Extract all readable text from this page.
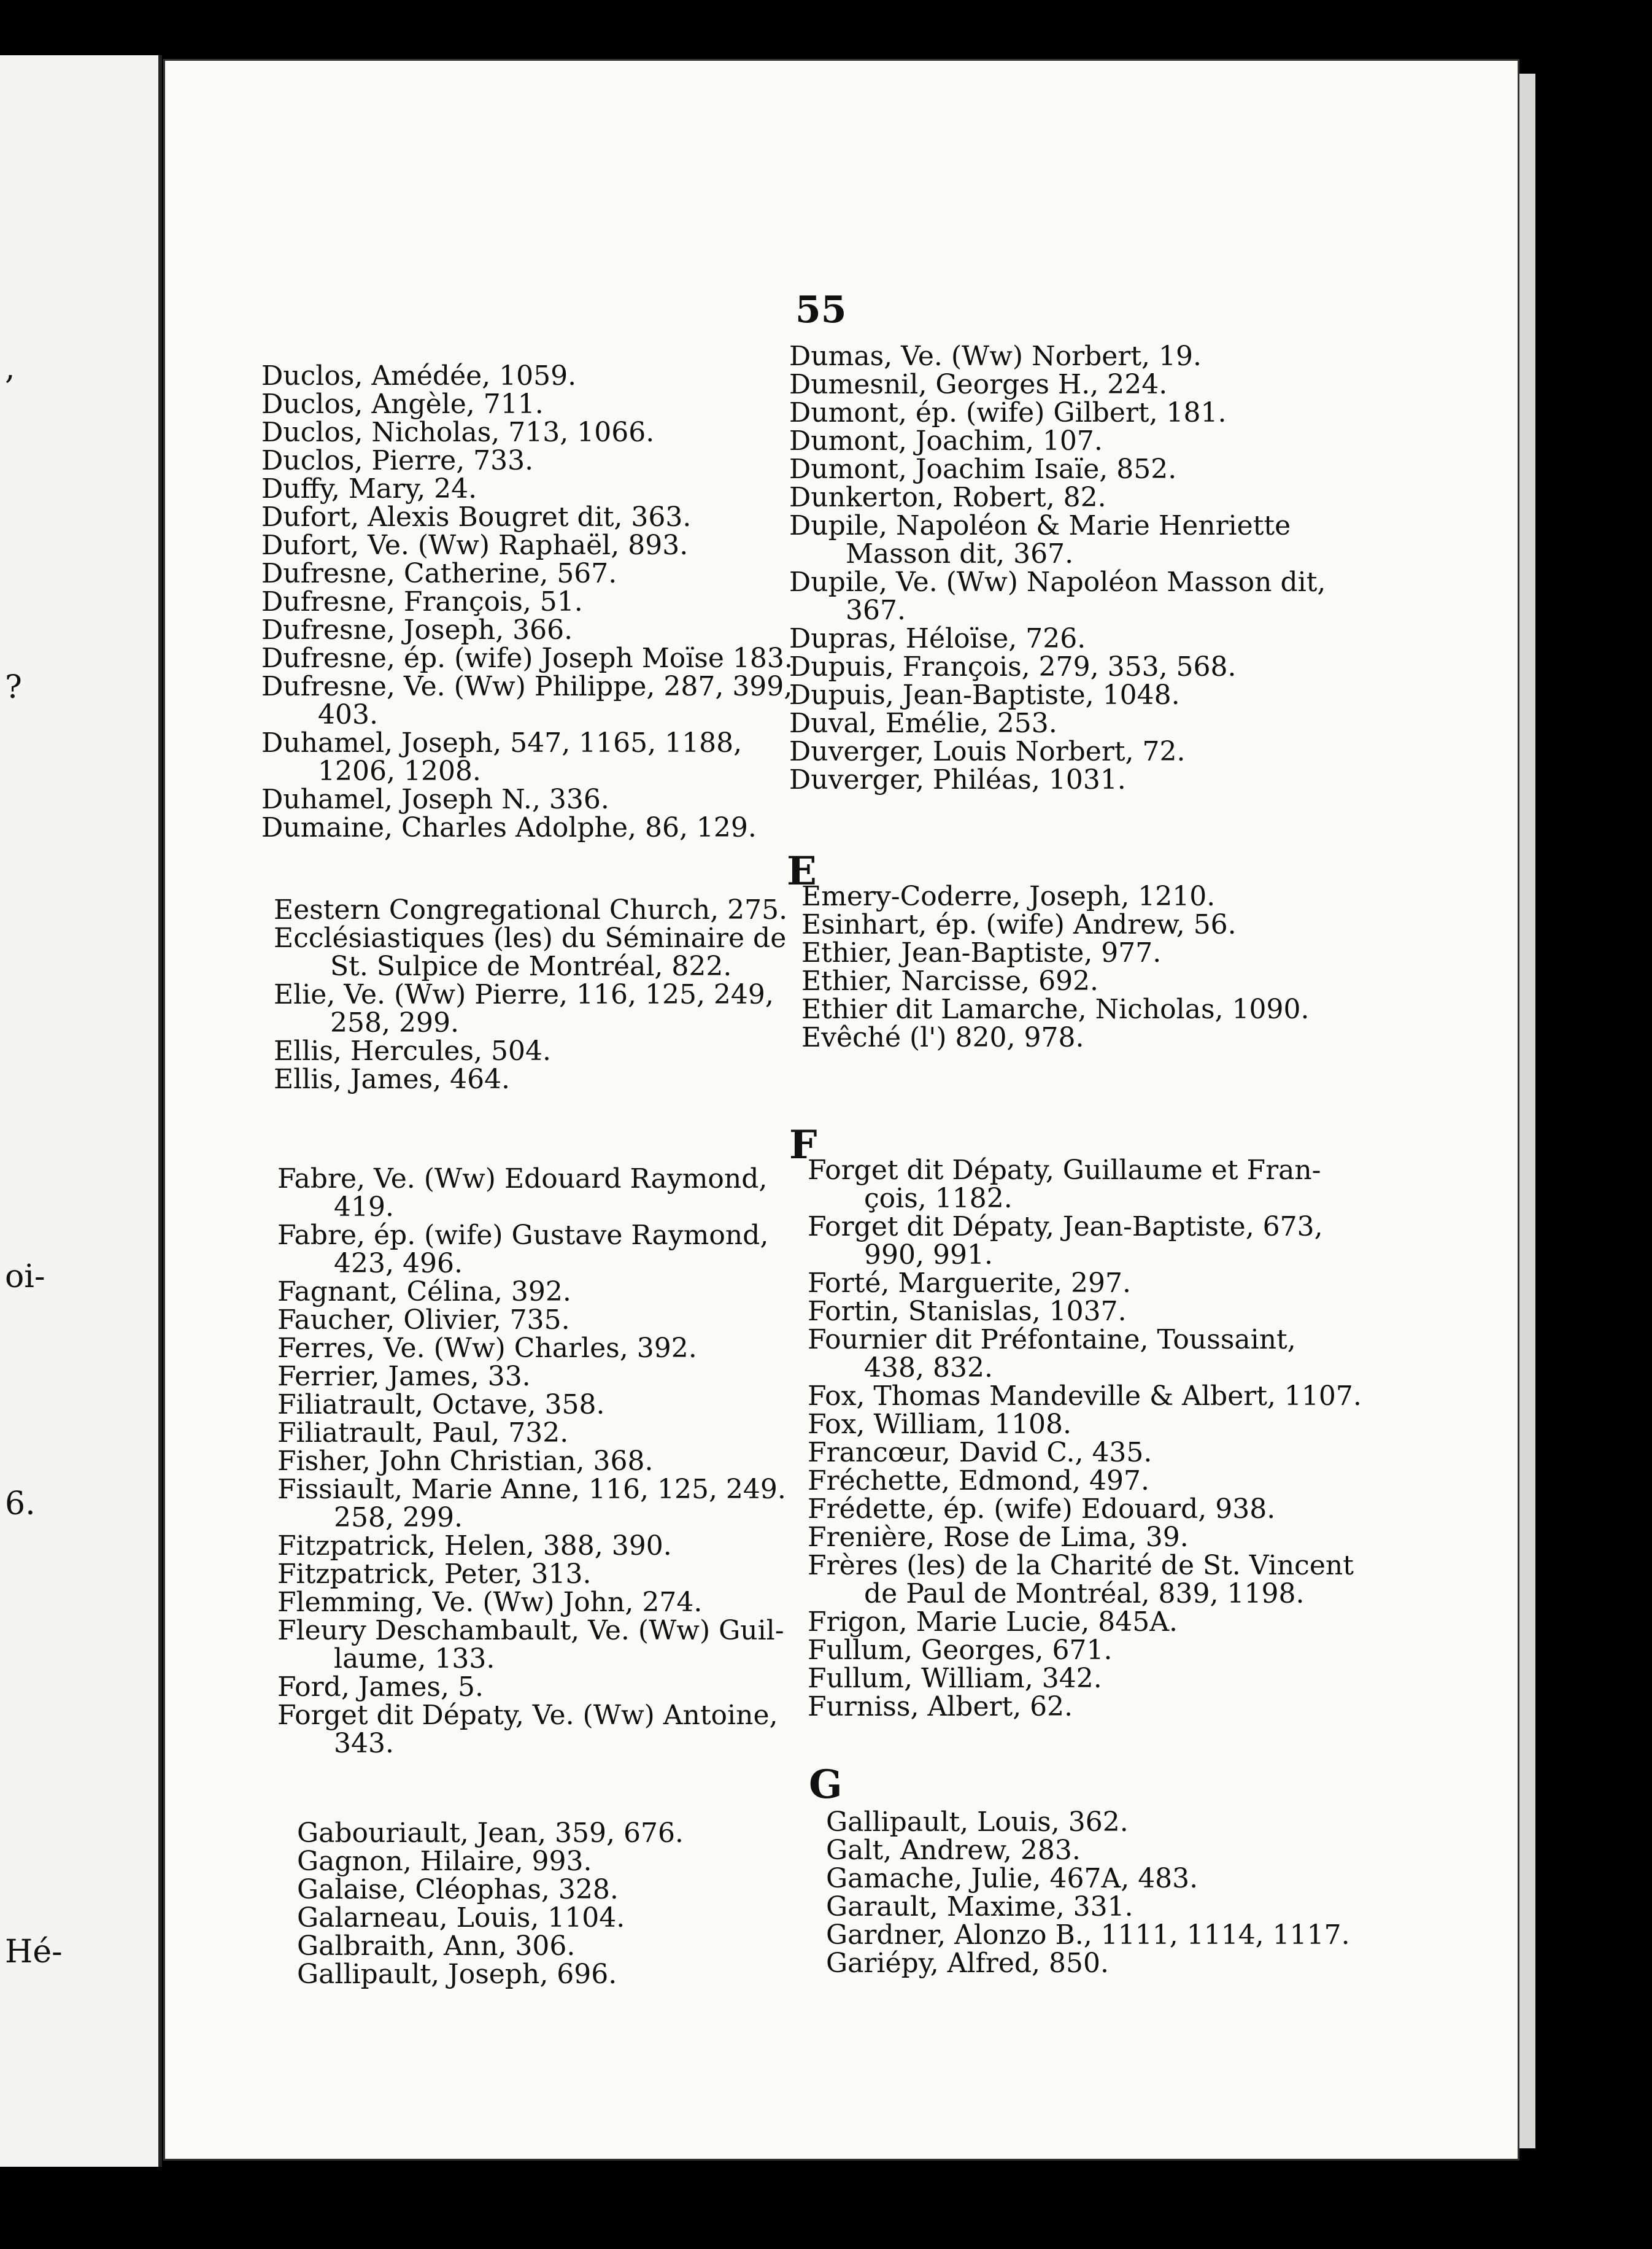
,
?
oi-
6.
Hé-
55

Duclos, Amédée, 1059.

Duclos, Angèle, 711.

Duclos, Nicholas, 713, 1066.

Duclos, Pierre, 733.

Duffy, Mary, 24.

Dufort, Alexis Bougret dit, 363.

Dufort, Ve. (Ww) Raphaël, 893.

Dufresne, Catherine, 567.

Dufresne, François, 51.

Dufresne, Joseph, 366.

Dufresne, ép. (wife) Joseph Moïse 183.

Dufresne, Ve. (Ww) Philippe, 287, 399,
403.

Duhamel, Joseph, 547, 1165, 1188,
1206, 1208.

Duhamel, Joseph N., 336.

Dumaine, Charles Adolphe, 86, 129.

Dumas, Ve. (Ww) Norbert, 19.

Dumesnil, Georges H., 224.

Dumont, ép. (wife) Gilbert, 181.

Dumont, Joachim, 107.

Dumont, Joachim Isaïe, 852.

Dunkerton, Robert, 82.

Dupile, Napoléon & Marie Henriette
Masson dit, 367.

Dupile, Ve. (Ww) Napoléon Masson dit,
367.

Dupras, Héloïse, 726.

Dupuis, François, 279, 353, 568.

Dupuis, Jean-Baptiste, 1048.

Duval, Emélie, 253.

Duverger, Louis Norbert, 72.

Duverger, Philéas, 1031.

E

Eestern Congregational Church, 275.

Ecclésiastiques (les) du Séminaire de
St. Sulpice de Montréal, 822.

Elie, Ve. (Ww) Pierre, 116, 125, 249,
258, 299.

Ellis, Hercules, 504.

Ellis, James, 464.

Emery-Coderre, Joseph, 1210.

Esinhart, ép. (wife) Andrew, 56.

Ethier, Jean-Baptiste, 977.

Ethier, Narcisse, 692.

Ethier dit Lamarche, Nicholas, 1090.

Evêché (l') 820, 978.

F

Fabre, Ve. (Ww) Edouard Raymond,
419.

Fabre, ép. (wife) Gustave Raymond,
423, 496.

Fagnant, Célina, 392.

Faucher, Olivier, 735.

Ferres, Ve. (Ww) Charles, 392.

Ferrier, James, 33.

Filiatrault, Octave, 358.

Filiatrault, Paul, 732.

Fisher, John Christian, 368.

Fissiault, Marie Anne, 116, 125, 249.
258, 299.

Fitzpatrick, Helen, 388, 390.

Fitzpatrick, Peter, 313.

Flemming, Ve. (Ww) John, 274.

Fleury Deschambault, Ve. (Ww) Guil-
laume, 133.

Ford, James, 5.

Forget dit Dépaty, Ve. (Ww) Antoine,
343.

Forget dit Dépaty, Guillaume et Fran-
çois, 1182.

Forget dit Dépaty, Jean-Baptiste, 673,
990, 991.

Forté, Marguerite, 297.

Fortin, Stanislas, 1037.

Fournier dit Préfontaine, Toussaint,
438, 832.

Fox, Thomas Mandeville & Albert, 1107.

Fox, William, 1108.

Francœur, David C., 435.

Fréchette, Edmond, 497.

Frédette, ép. (wife) Edouard, 938.

Frenière, Rose de Lima, 39.

Frères (les) de la Charité de St. Vincent
de Paul de Montréal, 839, 1198.

Frigon, Marie Lucie, 845A.

Fullum, Georges, 671.

Fullum, William, 342.

Furniss, Albert, 62.

G

Gabouriault, Jean, 359, 676.

Gagnon, Hilaire, 993.

Galaise, Cléophas, 328.

Galarneau, Louis, 1104.

Galbraith, Ann, 306.

Gallipault, Joseph, 696.

Gallipault, Louis, 362.

Galt, Andrew, 283.

Gamache, Julie, 467A, 483.

Garault, Maxime, 331.

Gardner, Alonzo B., 1111, 1114, 1117.

Gariépy, Alfred, 850.
